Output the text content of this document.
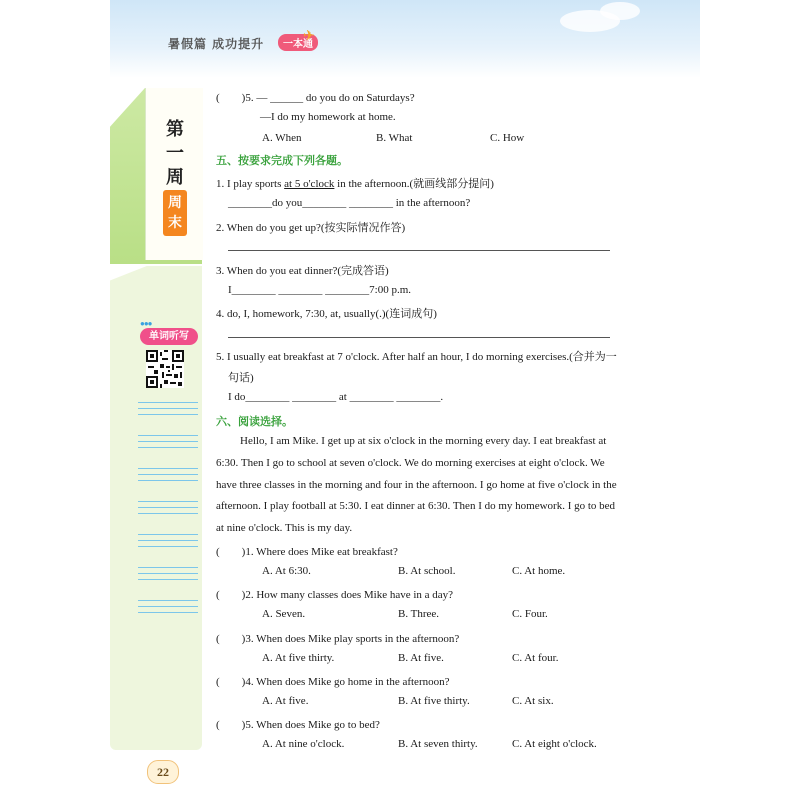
暑假篇 成功提升	一本通
✈
第一周
周末
●●●
单词听写
(　　)5. — ______ do you do on Saturdays?
—I do my homework at home.
A. When	B. What	C. How
五、按要求完成下列各题。
1. I play sports at 5 o'clock in the afternoon.(就画线部分提问)
________do you________ ________ in the afternoon?
2. When do you get up?(按实际情况作答)
3. When do you eat dinner?(完成答语)
I________ ________ ________7:00 p.m.
4. do, I, homework, 7:30, at, usually(.)(连词成句)
5. I usually eat breakfast at 7 o'clock. After half an hour, I do morning exercises.(合并为一
句话)
I do________ ________ at ________ ________.
六、阅读选择。
Hello, I am Mike. I get up at six o'clock in the morning every day. I eat breakfast at
6:30. Then I go to school at seven o'clock. We do morning exercises at eight o'clock. We
have three classes in the morning and four in the afternoon. I go home at five o'clock in the
afternoon. I play football at 5:30. I eat dinner at 6:30. Then I do my homework. I go to bed
at nine o'clock. This is my day.
(　　)1. Where does Mike eat breakfast?
A. At 6:30.	B. At school.	C. At home.
(　　)2. How many classes does Mike have in a day?
A. Seven.	B. Three.	C. Four.
(　　)3. When does Mike play sports in the afternoon?
A. At five thirty.	B. At five.	C. At four.
(　　)4. When does Mike go home in the afternoon?
A. At five.	B. At five thirty.	C. At six.
(　　)5. When does Mike go to bed?
A. At nine o'clock.	B. At seven thirty.	C. At eight o'clock.
22
